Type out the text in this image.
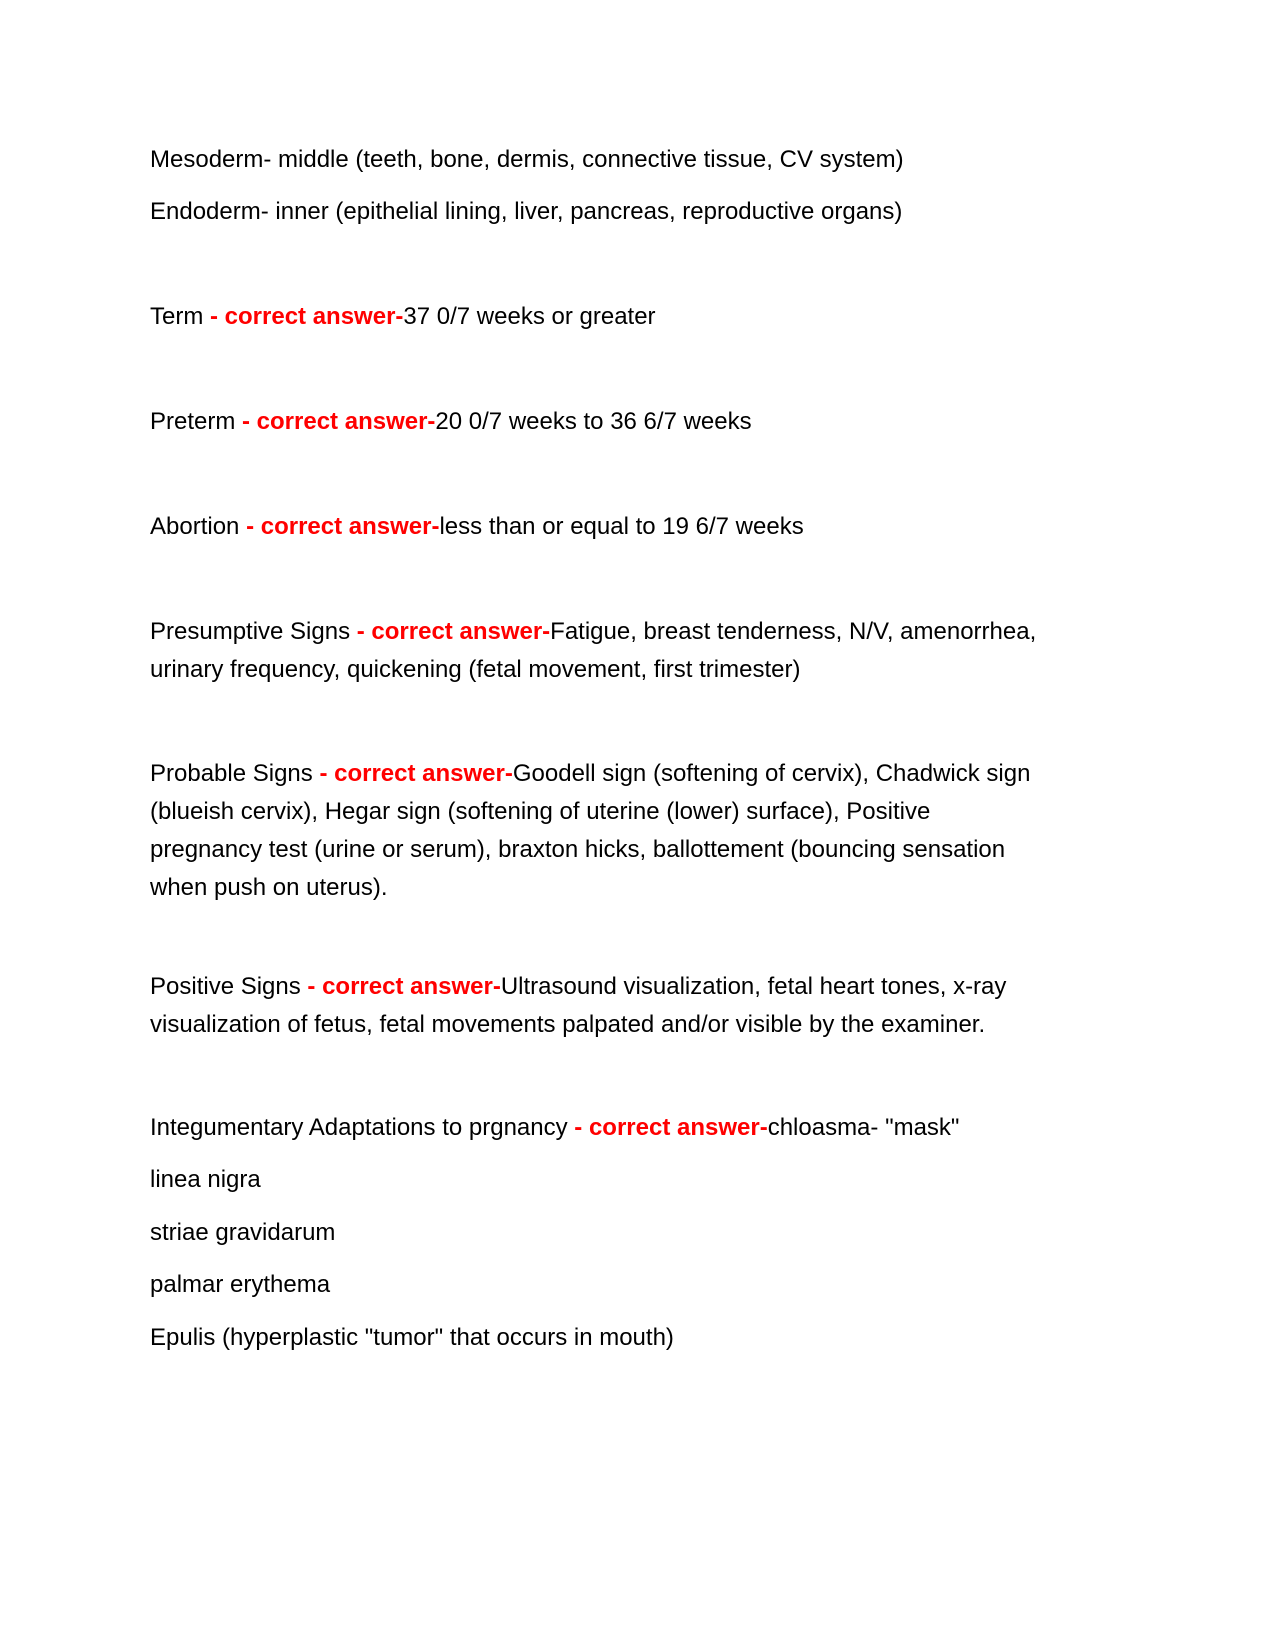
Mesoderm- middle (teeth, bone, dermis, connective tissue, CV system)
Endoderm- inner (epithelial lining, liver, pancreas, reproductive organs)
Term - correct answer-37 0/7 weeks or greater
Preterm - correct answer-20 0/7 weeks to 36 6/7 weeks
Abortion - correct answer-less than or equal to 19 6/7 weeks
Presumptive Signs - correct answer-Fatigue, breast tenderness, N/V, amenorrhea,
urinary frequency, quickening (fetal movement, first trimester)
Probable Signs - correct answer-Goodell sign (softening of cervix), Chadwick sign
(blueish cervix), Hegar sign (softening of uterine (lower) surface), Positive
pregnancy test (urine or serum), braxton hicks, ballottement (bouncing sensation
when push on uterus).
Positive Signs - correct answer-Ultrasound visualization, fetal heart tones, x-ray
visualization of fetus, fetal movements palpated and/or visible by the examiner.
Integumentary Adaptations to prgnancy - correct answer-chloasma- "mask"
linea nigra
striae gravidarum
palmar erythema
Epulis (hyperplastic "tumor" that occurs in mouth)
